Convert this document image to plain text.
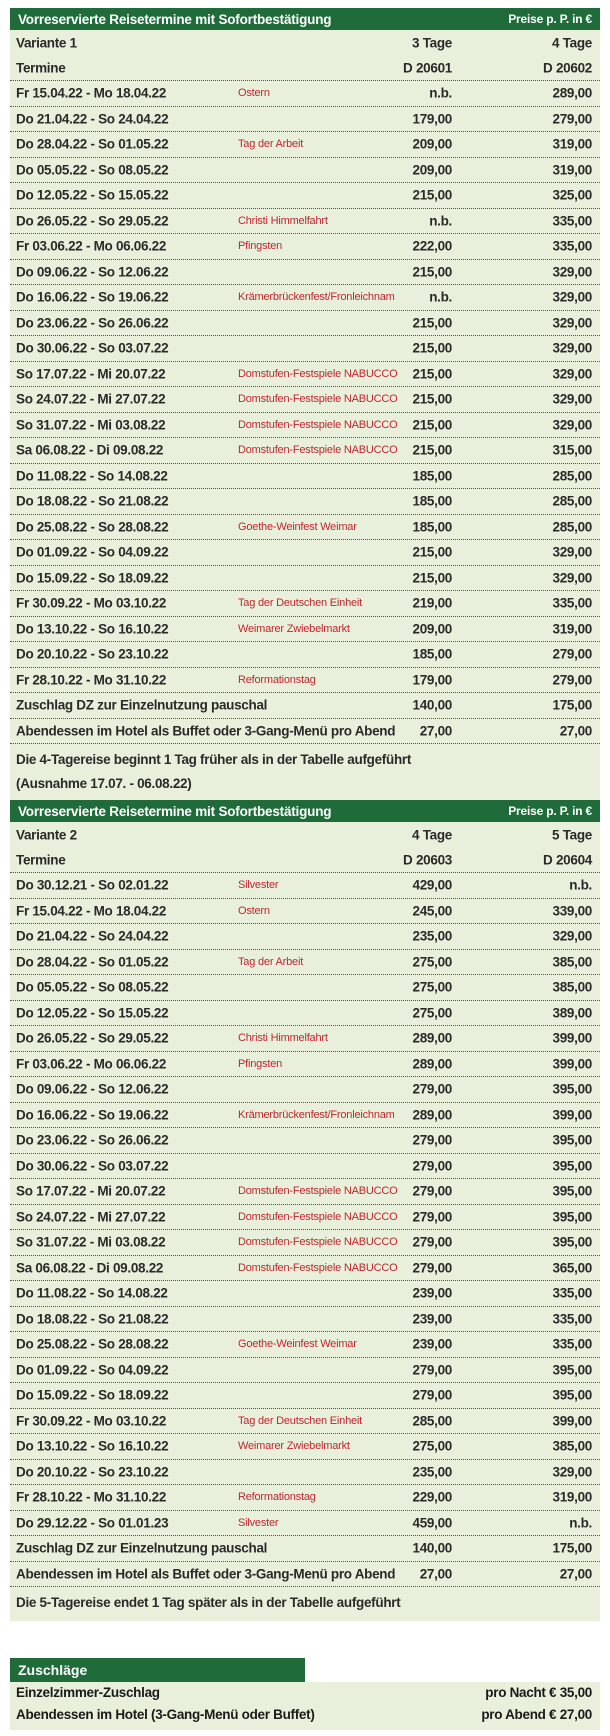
Vorreservierte Reisetermine mit Sofortbestätigung	Preise p. P. in €
Variante 1	3 Tage	4 Tage
Termine	D 20601	D 20602
Fr 15.04.22 - Mo 18.04.22	Ostern	n.b.	289,00
Do 21.04.22 - So 24.04.22	179,00	279,00
Do 28.04.22 - So 01.05.22	Tag der Arbeit	209,00	319,00
Do 05.05.22 - So 08.05.22	209,00	319,00
Do 12.05.22 - So 15.05.22	215,00	325,00
Do 26.05.22 - So 29.05.22	Christi Himmelfahrt	n.b.	335,00
Fr 03.06.22 - Mo 06.06.22	Pfingsten	222,00	335,00
Do 09.06.22 - So 12.06.22	215,00	329,00
Do 16.06.22 - So 19.06.22	Krämerbrückenfest/Fronleichnam	n.b.	329,00
Do 23.06.22 - So 26.06.22	215,00	329,00
Do 30.06.22 - So 03.07.22	215,00	329,00
So 17.07.22 - Mi 20.07.22	Domstufen-Festspiele NABUCCO 215,00	329,00
So 24.07.22 - Mi 27.07.22	Domstufen-Festspiele NABUCCO 215,00	329,00
So 31.07.22 - Mi 03.08.22	Domstufen-Festspiele NABUCCO 215,00	329,00
Sa 06.08.22 - Di 09.08.22	Domstufen-Festspiele NABUCCO 215,00	315,00
Do 11.08.22 - So 14.08.22	185,00	285,00
Do 18.08.22 - So 21.08.22	185,00	285,00
Do 25.08.22 - So 28.08.22	Goethe-Weinfest Weimar	185,00	285,00
Do 01.09.22 - So 04.09.22	215,00	329,00
Do 15.09.22 - So 18.09.22	215,00	329,00
Fr 30.09.22 - Mo 03.10.22	Tag der Deutschen Einheit	219,00	335,00
Do 13.10.22 - So 16.10.22	Weimarer Zwiebelmarkt	209,00	319,00
Do 20.10.22 - So 23.10.22	185,00	279,00
Fr 28.10.22 - Mo 31.10.22	Reformationstag	179,00	279,00
Zuschlag DZ zur Einzelnutzung pauschal	140,00	175,00
Abendessen im Hotel als Buffet oder 3-Gang-Menü pro Abend 27,00	27,00
Die 4-Tagereise beginnt 1 Tag früher als in der Tabelle aufgeführt
(Ausnahme 17.07. - 06.08.22)
Vorreservierte Reisetermine mit Sofortbestätigung	Preise p. P. in €
Variante 2	4 Tage	5 Tage
Termine	D 20603	D 20604
Do 30.12.21 - So 02.01.22	Silvester	429,00	n.b.
Fr 15.04.22 - Mo 18.04.22	Ostern	245,00	339,00
Do 21.04.22 - So 24.04.22	235,00	329,00
Do 28.04.22 - So 01.05.22	Tag der Arbeit	275,00	385,00
Do 05.05.22 - So 08.05.22	275,00	385,00
Do 12.05.22 - So 15.05.22	275,00	389,00
Do 26.05.22 - So 29.05.22	Christi Himmelfahrt	289,00	399,00
Fr 03.06.22 - Mo 06.06.22	Pfingsten	289,00	399,00
Do 09.06.22 - So 12.06.22	279,00	395,00
Do 16.06.22 - So 19.06.22	Krämerbrückenfest/Fronleichnam 289,00	399,00
Do 23.06.22 - So 26.06.22	279,00	395,00
Do 30.06.22 - So 03.07.22	279,00	395,00
So 17.07.22 - Mi 20.07.22	Domstufen-Festspiele NABUCCO 279,00	395,00
So 24.07.22 - Mi 27.07.22	Domstufen-Festspiele NABUCCO 279,00	395,00
So 31.07.22 - Mi 03.08.22	Domstufen-Festspiele NABUCCO 279,00	395,00
Sa 06.08.22 - Di 09.08.22	Domstufen-Festspiele NABUCCO 279,00	365,00
Do 11.08.22 - So 14.08.22	239,00	335,00
Do 18.08.22 - So 21.08.22	239,00	335,00
Do 25.08.22 - So 28.08.22	Goethe-Weinfest Weimar	239,00	335,00
Do 01.09.22 - So 04.09.22	279,00	395,00
Do 15.09.22 - So 18.09.22	279,00	395,00
Fr 30.09.22 - Mo 03.10.22	Tag der Deutschen Einheit	285,00	399,00
Do 13.10.22 - So 16.10.22	Weimarer Zwiebelmarkt	275,00	385,00
Do 20.10.22 - So 23.10.22	235,00	329,00
Fr 28.10.22 - Mo 31.10.22	Reformationstag	229,00	319,00
Do 29.12.22 - So 01.01.23	Silvester	459,00	n.b.
Zuschlag DZ zur Einzelnutzung pauschal	140,00	175,00
Abendessen im Hotel als Buffet oder 3-Gang-Menü pro Abend 27,00	27,00
Die 5-Tagereise endet 1 Tag später als in der Tabelle aufgeführt
Zuschläge
Einzelzimmer-Zuschlag	pro Nacht € 35,00
Abendessen im Hotel (3-Gang-Menü oder Buffet)	pro Abend € 27,00
